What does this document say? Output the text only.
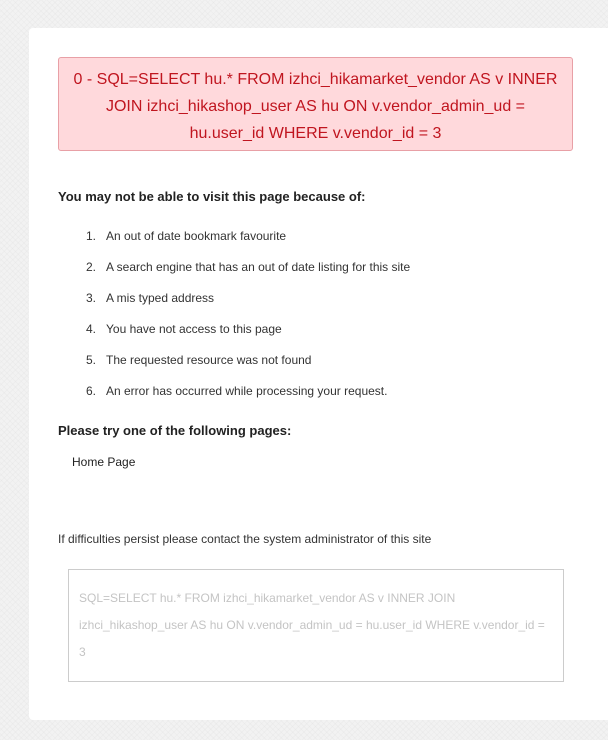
0 - SQL=SELECT hu.* FROM izhci_hikamarket_vendor AS v INNER JOIN izhci_hikashop_user AS hu ON v.vendor_admin_ud = hu.user_id WHERE v.vendor_id = 3
You may not be able to visit this page because of:
1. An out of date bookmark favourite
2. A search engine that has an out of date listing for this site
3. A mis typed address
4. You have not access to this page
5. The requested resource was not found
6. An error has occurred while processing your request.
Please try one of the following pages:
Home Page

If difficulties persist please contact the system administrator of this site

SQL=SELECT hu.* FROM izhci_hikamarket_vendor AS v INNER JOIN izhci_hikashop_user AS hu ON v.vendor_admin_ud = hu.user_id WHERE v.vendor_id = 3
